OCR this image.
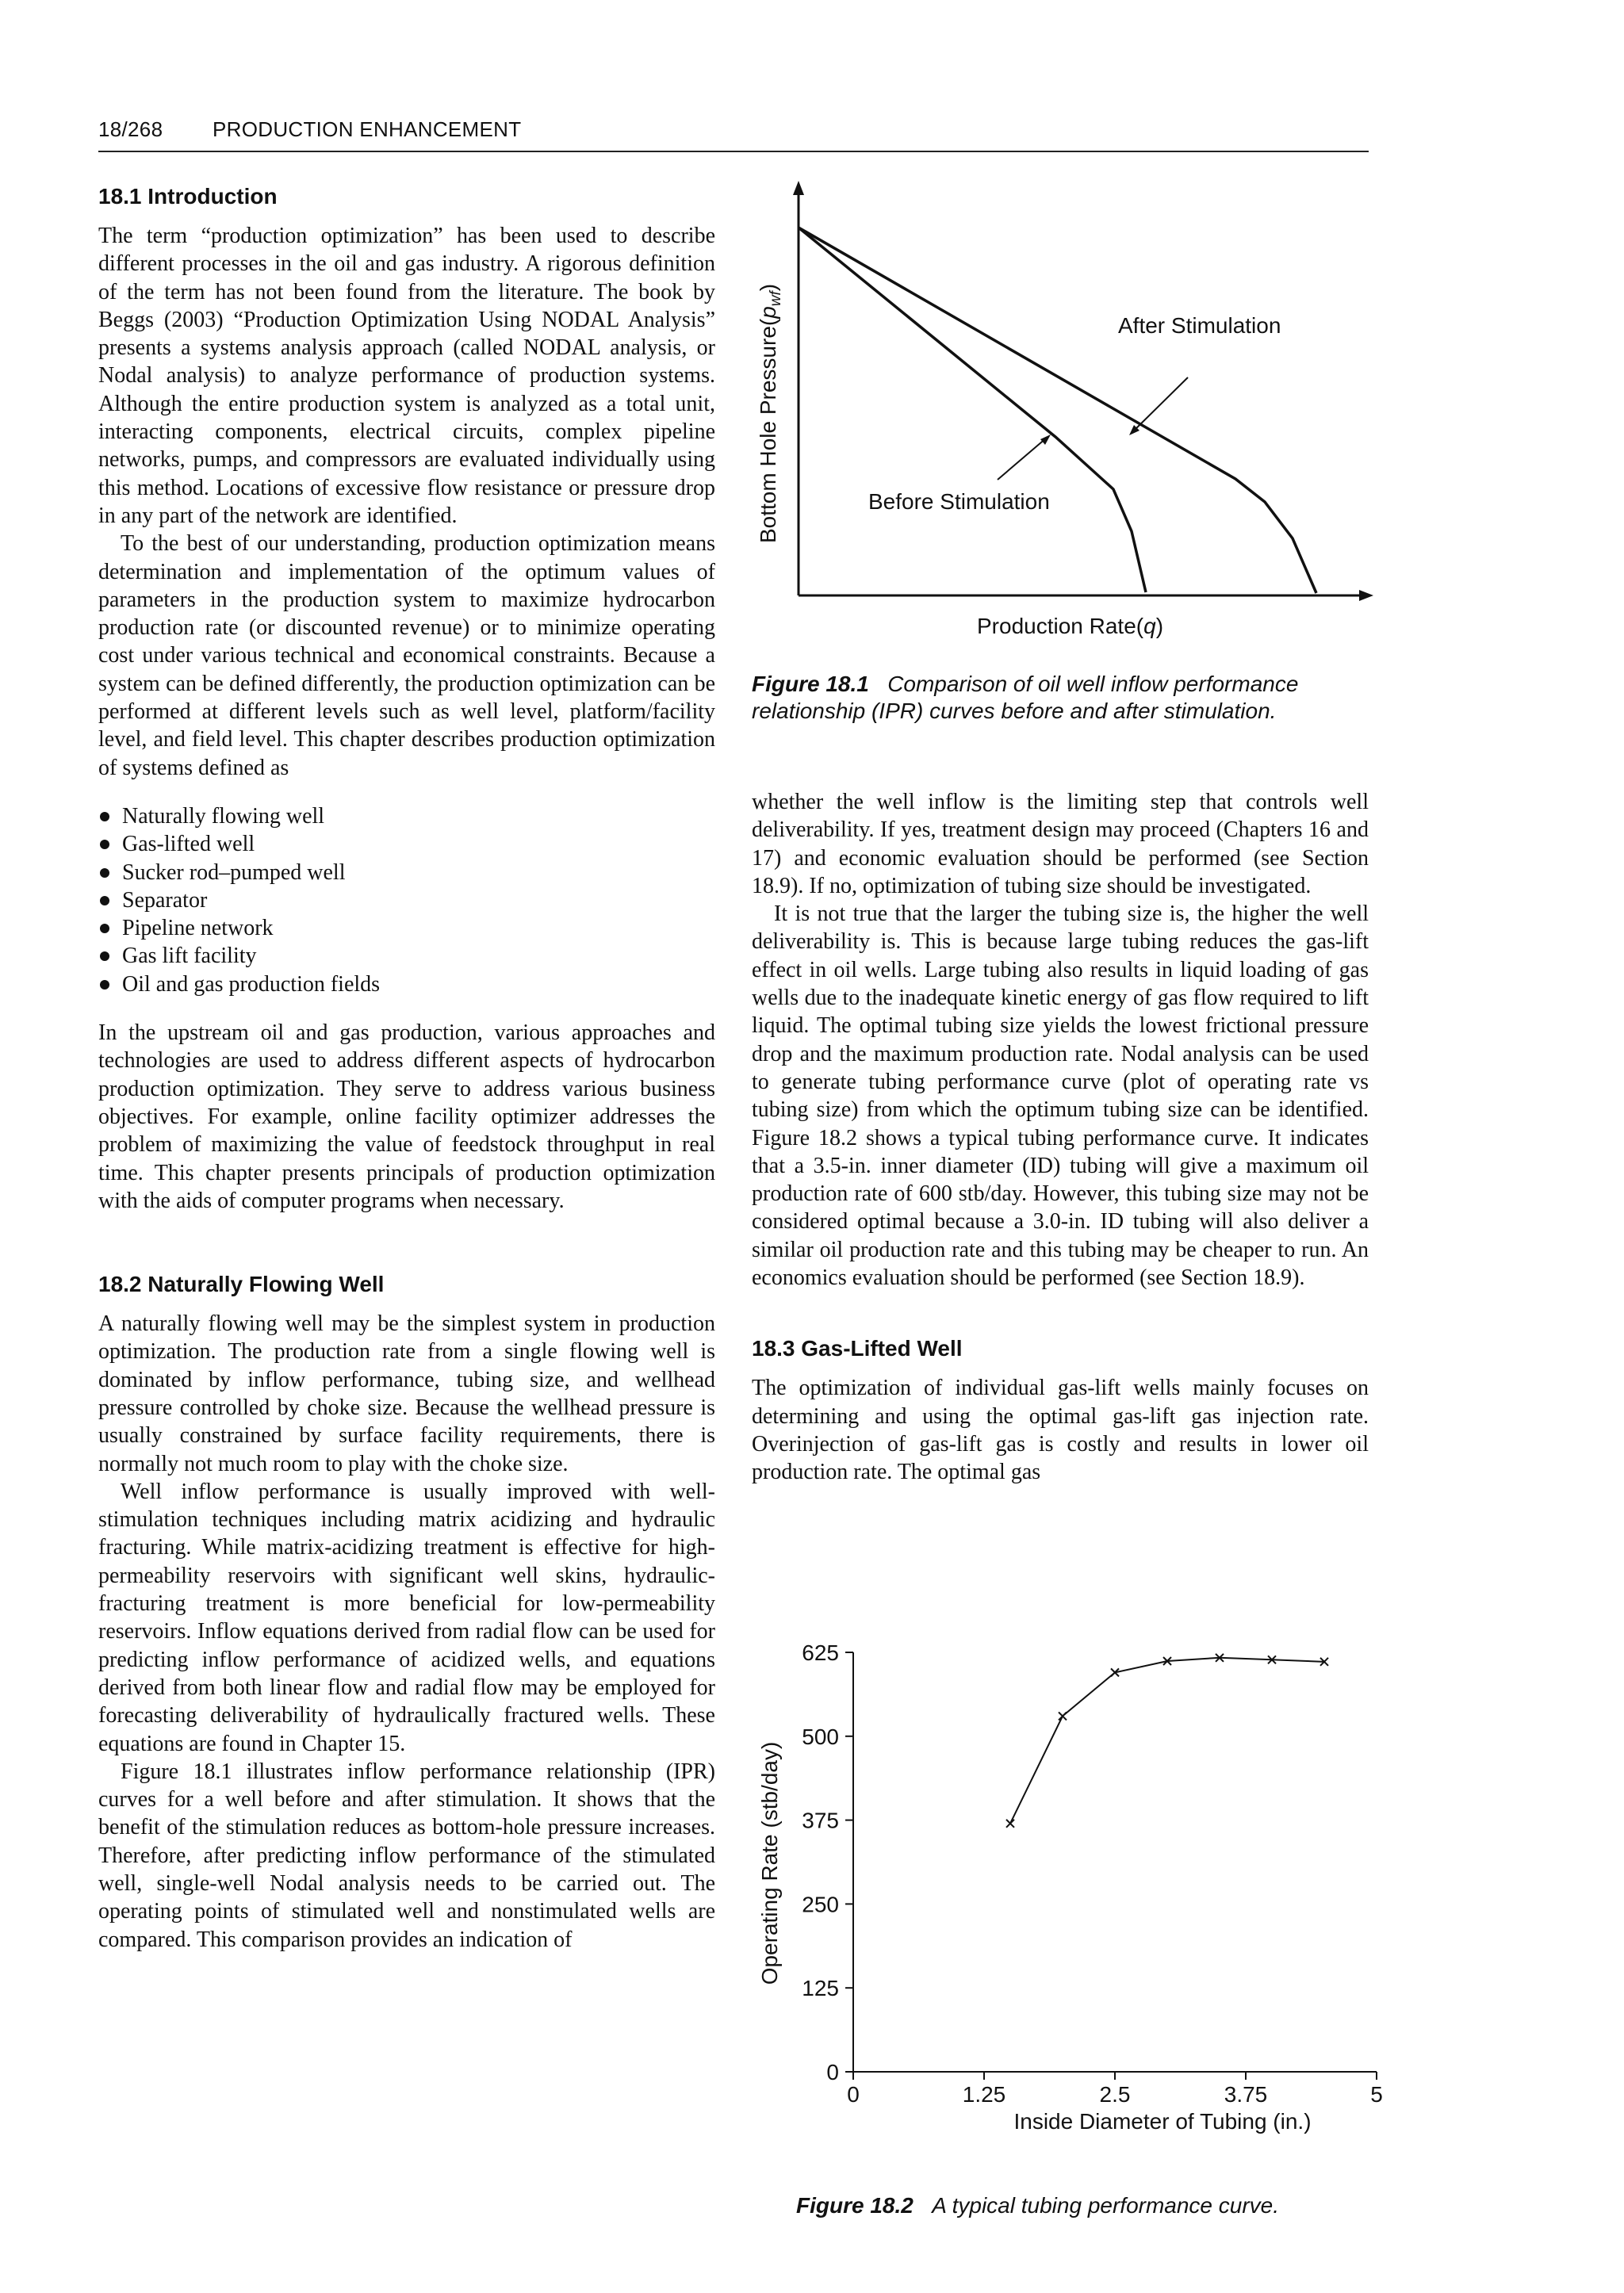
18/268 PRODUCTION ENHANCEMENT
18.1 Introduction

The term “production optimization” has been used to describe different processes in the oil and gas industry. A rigorous definition of the term has not been found from the literature. The book by Beggs (2003) “Production Optimization Using NODAL Analysis” presents a systems analysis approach (called NODAL analysis, or Nodal analysis) to analyze performance of production systems. Although the entire production system is analyzed as a total unit, interacting components, electrical circuits, complex pipeline networks, pumps, and compressors are evaluated individually using this method. Locations of excessive flow resistance or pressure drop in any part of the network are identified.

To the best of our understanding, production optimization means determination and implementation of the optimum values of parameters in the production system to maximize hydrocarbon production rate (or discounted revenue) or to minimize operating cost under various technical and economical constraints. Because a system can be defined differently, the production optimization can be performed at different levels such as well level, platform/facility level, and field level. This chapter describes production optimization of systems defined as

Naturally flowing well
Gas-lifted well
Sucker rod–pumped well
Separator
Pipeline network
Gas lift facility
Oil and gas production fields

In the upstream oil and gas production, various approaches and technologies are used to address different aspects of hydrocarbon production optimization. They serve to address various business objectives. For example, online facility optimizer addresses the problem of maximizing the value of feedstock throughput in real time. This chapter presents principals of production optimization with the aids of computer programs when necessary.

18.2 Naturally Flowing Well

A naturally flowing well may be the simplest system in production optimization. The production rate from a single flowing well is dominated by inflow performance, tubing size, and wellhead pressure controlled by choke size. Because the wellhead pressure is usually constrained by surface facility requirements, there is normally not much room to play with the choke size.

Well inflow performance is usually improved with well-stimulation techniques including matrix acidizing and hydraulic fracturing. While matrix-acidizing treatment is effective for high-permeability reservoirs with significant well skins, hydraulic-fracturing treatment is more beneficial for low-permeability reservoirs. Inflow equations derived from radial flow can be used for predicting inflow performance of acidized wells, and equations derived from both linear flow and radial flow may be employed for forecasting deliverability of hydraulically fractured wells. These equations are found in Chapter 15.

Figure 18.1 illustrates inflow performance relationship (IPR) curves for a well before and after stimulation. It shows that the benefit of the stimulation reduces as bottom-hole pressure increases. Therefore, after predicting inflow performance of the stimulated well, single-well Nodal analysis needs to be carried out. The operating points of stimulated well and nonstimulated wells are compared. This comparison provides an indication of

After Stimulation
Before Stimulation
Production Rate(q)
Bottom Hole $Pressure(p_{wf})$
Figure 18.1 Comparison of oil well inflow performance relationship (IPR) curves before and after stimulation.

whether the well inflow is the limiting step that controls well deliverability. If yes, treatment design may proceed (Chapters 16 and 17) and economic evaluation should be performed (see Section 18.9). If no, optimization of tubing size should be investigated.

It is not true that the larger the tubing size is, the higher the well deliverability is. This is because large tubing reduces the gas-lift effect in oil wells. Large tubing also results in liquid loading of gas wells due to the inadequate kinetic energy of gas flow required to lift liquid. The optimal tubing size yields the lowest frictional pressure drop and the maximum production rate. Nodal analysis can be used to generate tubing performance curve (plot of operating rate vs tubing size) from which the optimum tubing size can be identified. Figure 18.2 shows a typical tubing performance curve. It indicates that a 3.5-in. inner diameter (ID) tubing will give a maximum oil production rate of 600 stb/day. However, this tubing size may not be considered optimal because a 3.0-in. ID tubing will also deliver a similar oil production rate and this tubing may be cheaper to run. An economics evaluation should be performed (see Section 18.9).

18.3 Gas-Lifted Well

The optimization of individual gas-lift wells mainly focuses on determining and using the optimal gas-lift gas injection rate. Overinjection of gas-lift gas is costly and results in lower oil production rate. The optimal gas

0
125
250
375
500
625
0	1.25	2.5	3.75	5
Inside Diameter of Tubing (in.)
Operating Rate (stb/day)
Figure 18.2 A typical tubing performance curve.
